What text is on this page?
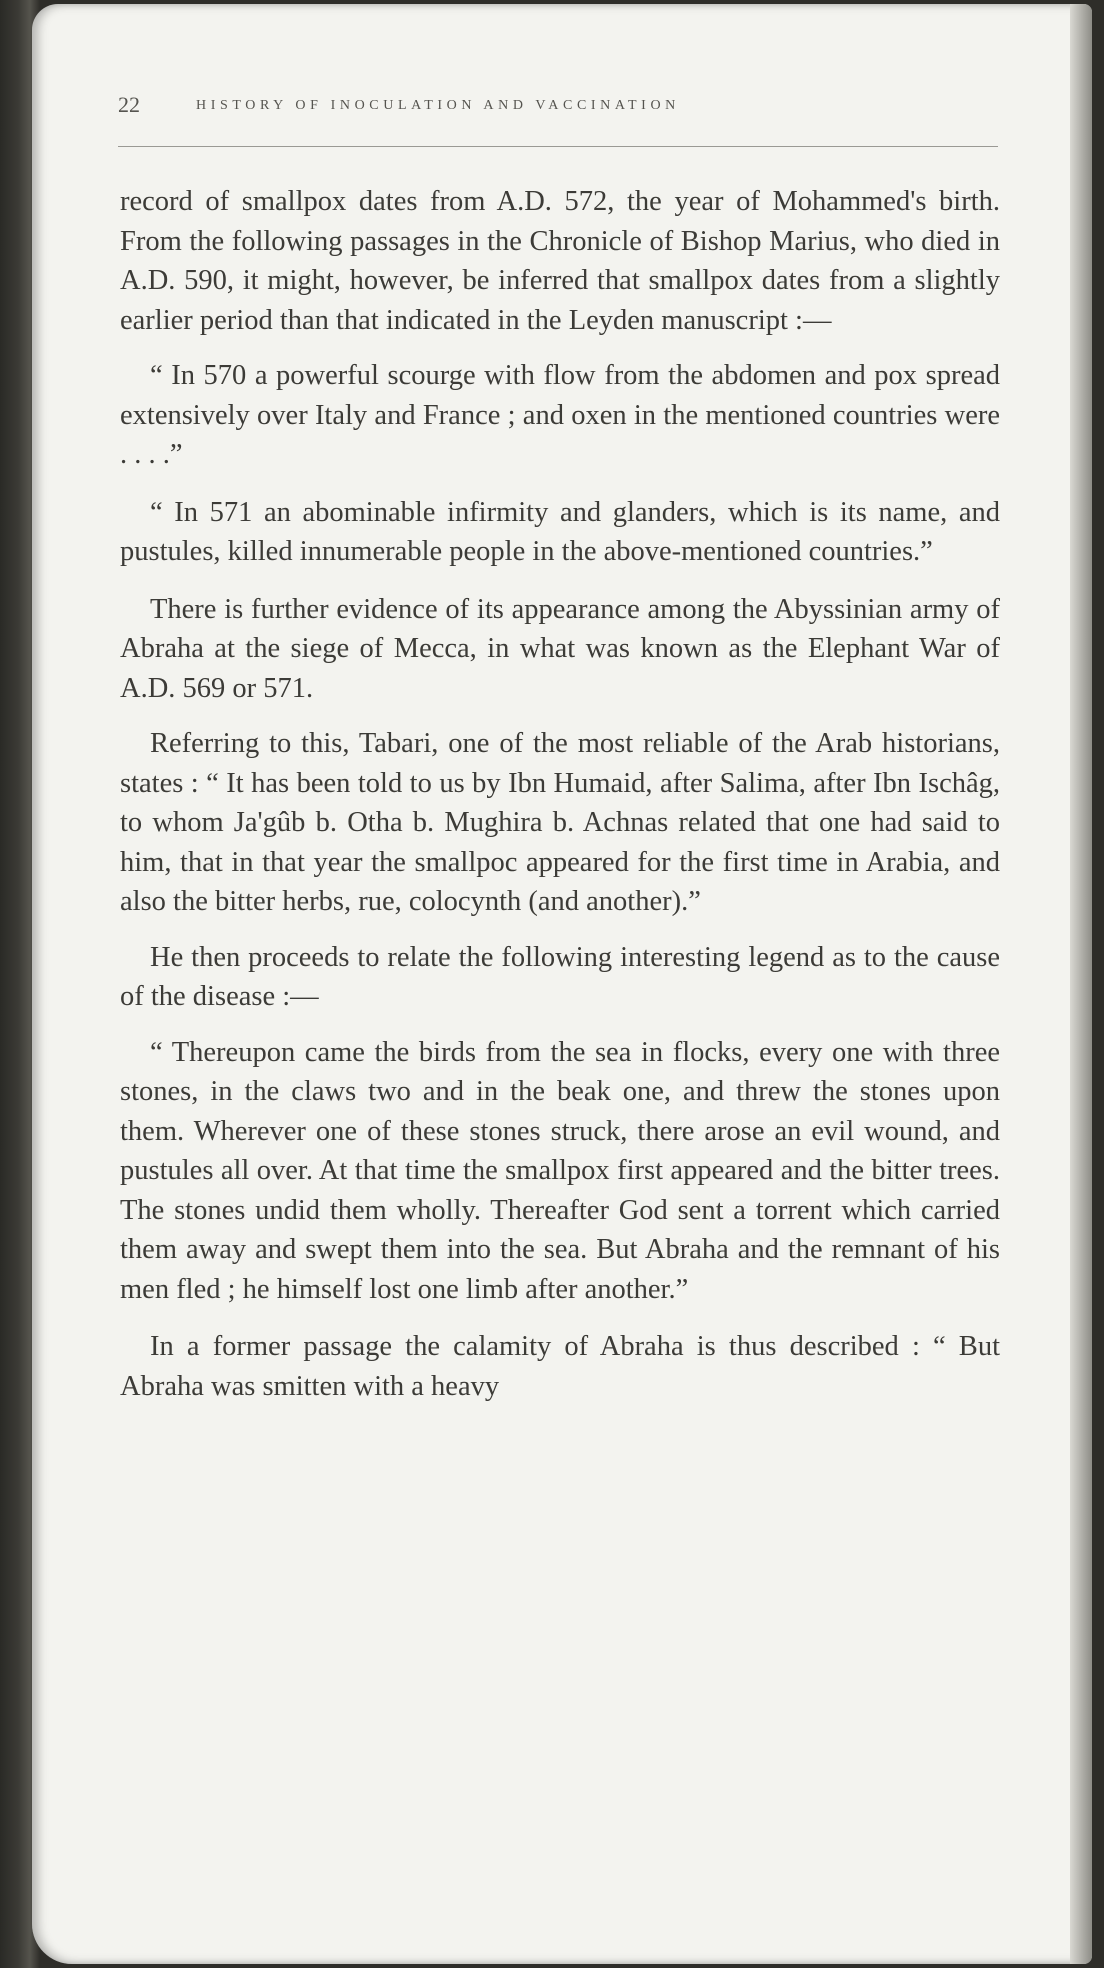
22	HISTORY OF INOCULATION AND VACCINATION

record of smallpox dates from A.D. 572, the year of Mohammed's birth. From the following passages in the Chronicle of Bishop Marius, who died in A.D. 590, it might, however, be inferred that smallpox dates from a slightly earlier period than that indicated in the Leyden manuscript :—

“ In 570 a powerful scourge with flow from the abdomen and pox spread extensively over Italy and France ; and oxen in the mentioned countries were . . . .”

“ In 571 an abominable infirmity and glanders, which is its name, and pustules, killed innumerable people in the above-mentioned countries.”

There is further evidence of its appearance among the Abyssinian army of Abraha at the siege of Mecca, in what was known as the Elephant War of A.D. 569 or 571.

Referring to this, Tabari, one of the most reliable of the Arab historians, states : “ It has been told to us by Ibn Humaid, after Salima, after Ibn Ischâg, to whom Ja'gûb b. Otha b. Mughira b. Achnas related that one had said to him, that in that year the smallpoc appeared for the first time in Arabia, and also the bitter herbs, rue, colocynth (and another).”

He then proceeds to relate the following interesting legend as to the cause of the disease :—

“ Thereupon came the birds from the sea in flocks, every one with three stones, in the claws two and in the beak one, and threw the stones upon them. Wherever one of these stones struck, there arose an evil wound, and pustules all over. At that time the smallpox first appeared and the bitter trees. The stones undid them wholly. Thereafter God sent a torrent which carried them away and swept them into the sea. But Abraha and the remnant of his men fled ; he himself lost one limb after another.”

In a former passage the calamity of Abraha is thus described : “ But Abraha was smitten with a heavy
